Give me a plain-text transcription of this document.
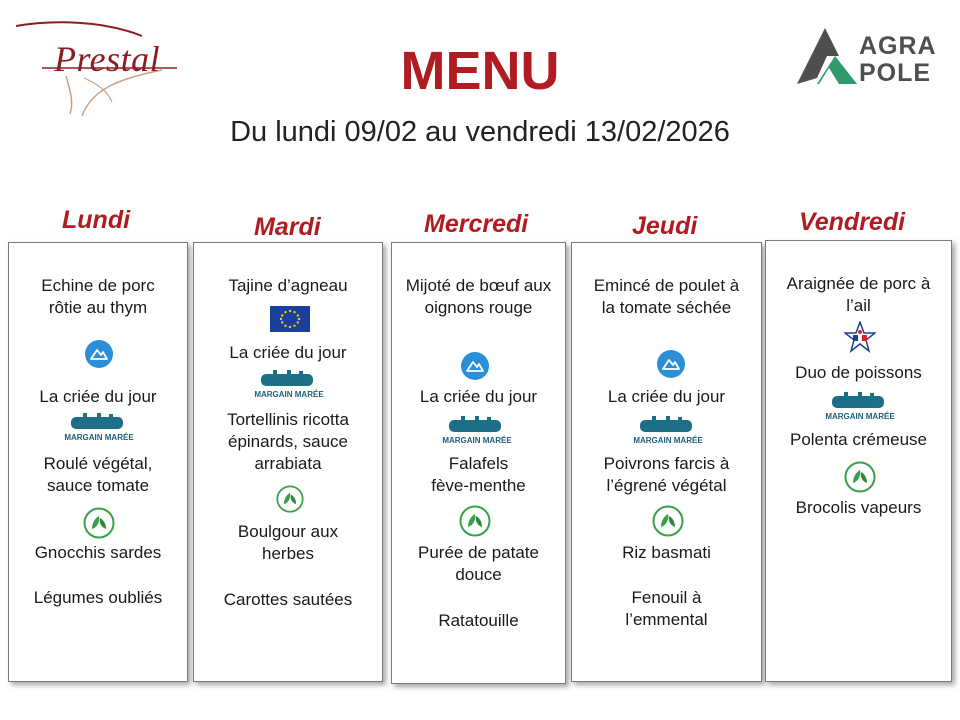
Prestal	AGRA
POLE
MENU
Du lundi 09/02 au vendredi 13/02/2026
Lundi
Echine de porc rôtie au thym
La criée du jour
MARGAIN MARÉE
Roulé végétal, sauce tomate
Gnocchis sardes
Légumes oubliés
Mardi
Tajine d’agneau
La criée du jour
MARGAIN MARÉE
Tortellinis ricotta épinards, sauce arrabiata
Boulgour aux herbes
Carottes sautées
Mercredi
Mijoté de bœuf aux oignons rouge
La criée du jour
MARGAIN MARÉE
Falafels fève-menthe
Purée de patate douce
Ratatouille
Jeudi
Emincé de poulet à la tomate séchée
La criée du jour
MARGAIN MARÉE
Poivrons farcis à l’égrené végétal
Riz basmati
Fenouil à l’emmental
Vendredi
Araignée de porc à l’ail
Duo de poissons
MARGAIN MARÉE
Polenta crémeuse
Brocolis vapeurs
